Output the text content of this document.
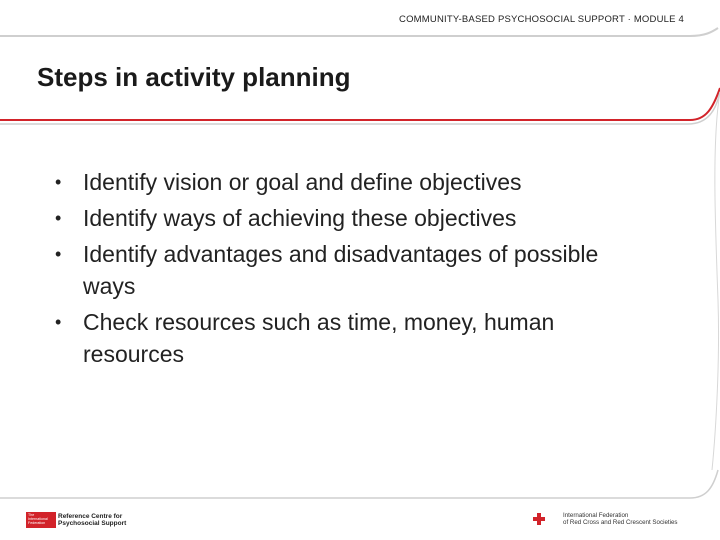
COMMUNITY-BASED PSYCHOSOCIAL SUPPORT · MODULE 4
Steps in activity planning
• Identify vision or goal and define objectives
• Identify ways of achieving these objectives
• Identify advantages and disadvantages of possible ways
• Check resources such as time, money, human resources
The International Federation
Reference Centre for
Psychosocial Support
International Federation
of Red Cross and Red Crescent Societies
